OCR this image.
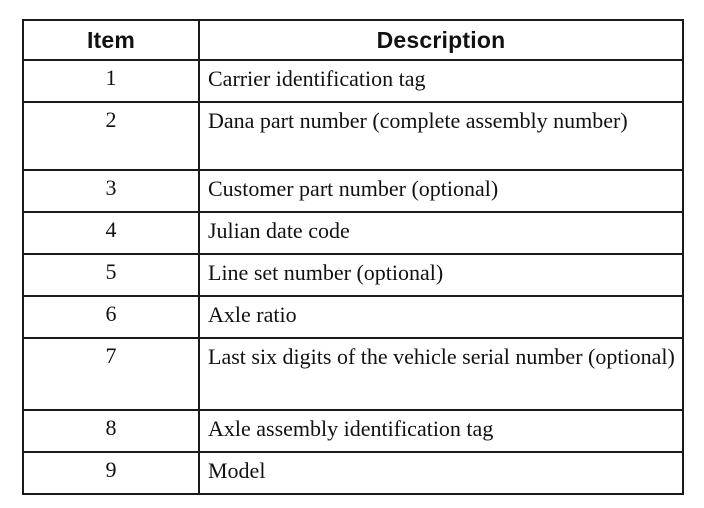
Item	Description
1	Carrier identification tag
2	Dana part number (complete assembly number)
3	Customer part number (optional)
4	Julian date code
5	Line set number (optional)
6	Axle ratio
7	Last six digits of the vehicle serial number (optional)
8	Axle assembly identification tag
9	Model
